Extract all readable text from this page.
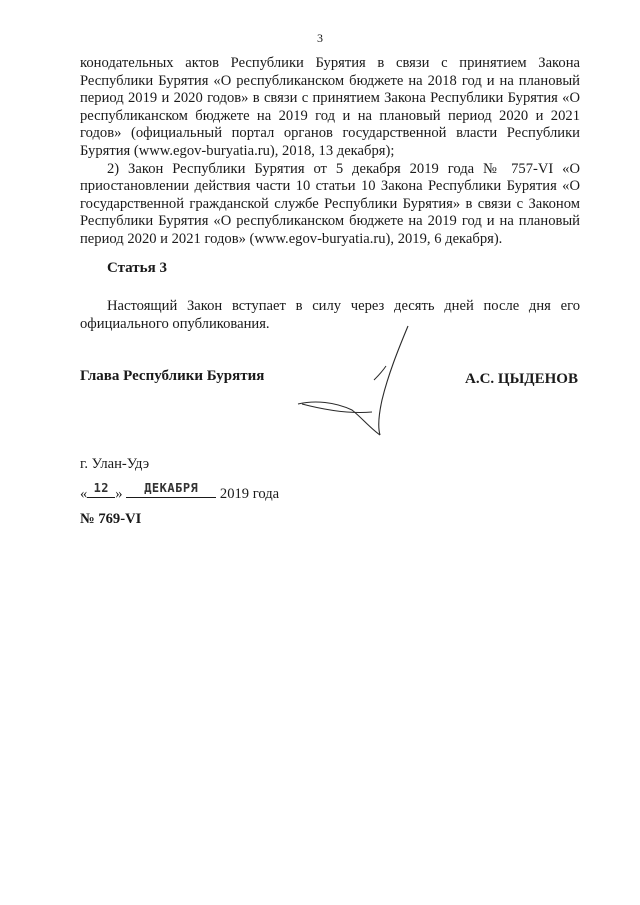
3

конодательных актов Республики Бурятия в связи с принятием Закона Республики Бурятия «О республиканском бюджете на 2018 год и на плановый период 2019 и 2020 годов» в связи с принятием Закона Республики Бурятия «О республиканском бюджете на 2019 год и на плановый период 2020 и 2021 годов» (официальный портал органов государственной власти Республики Бурятия (www.egov-buryatia.ru), 2018, 13 декабря);

2) Закон Республики Бурятия от 5 декабря 2019 года № 757-VI «О приостановлении действия части 10 статьи 10 Закона Республики Бурятия «О государственной гражданской службе Республики Бурятия» в связи с Законом Республики Бурятия «О республиканском бюджете на 2019 год и на плановый период 2020 и 2021 годов» (www.egov-buryatia.ru), 2019, 6 декабря).

Статья 3
Настоящий Закон вступает в силу через десять дней после дня его официального опубликования.
Глава Республики Бурятия	А.С. ЦЫДЕНОВ
г. Улан-Удэ
« 12 »	ДЕКАБРЯ	2019 года
№ 769-VI
